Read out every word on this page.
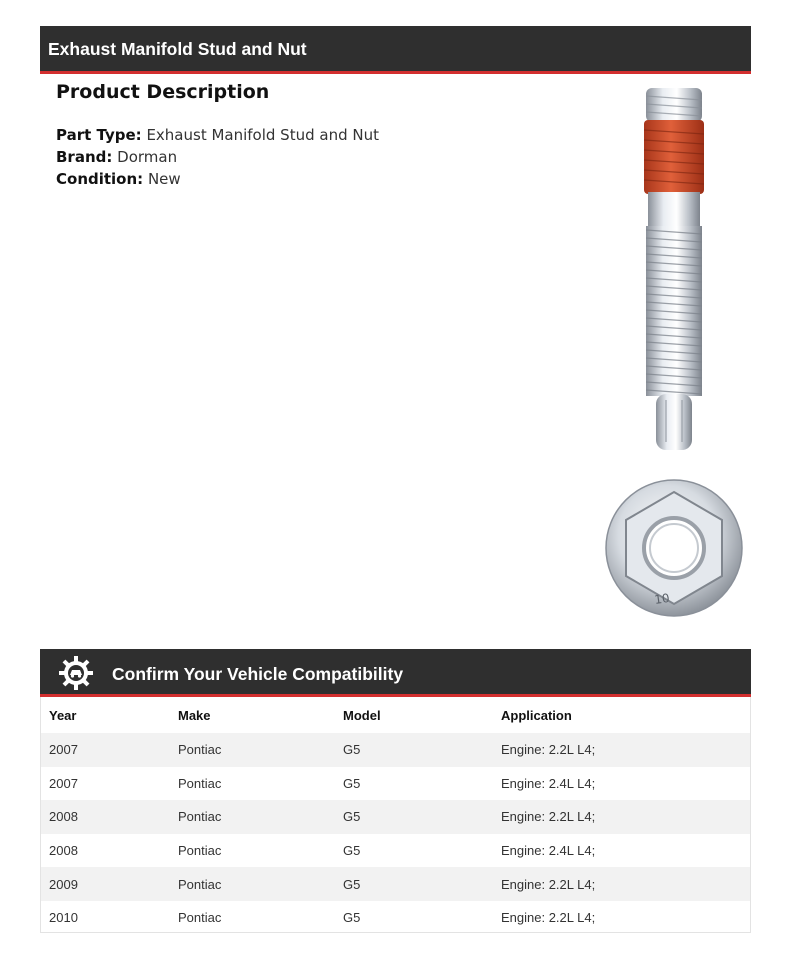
Exhaust Manifold Stud and Nut
Product Description
Part Type: Exhaust Manifold Stud and Nut
Brand: Dorman
Condition: New
10
Confirm Your Vehicle Compatibility
Year	Make	Model	Application
2007	Pontiac	G5	Engine: 2.2L L4;
2007	Pontiac	G5	Engine: 2.4L L4;
2008	Pontiac	G5	Engine: 2.2L L4;
2008	Pontiac	G5	Engine: 2.4L L4;
2009	Pontiac	G5	Engine: 2.2L L4;
2010	Pontiac	G5	Engine: 2.2L L4;
